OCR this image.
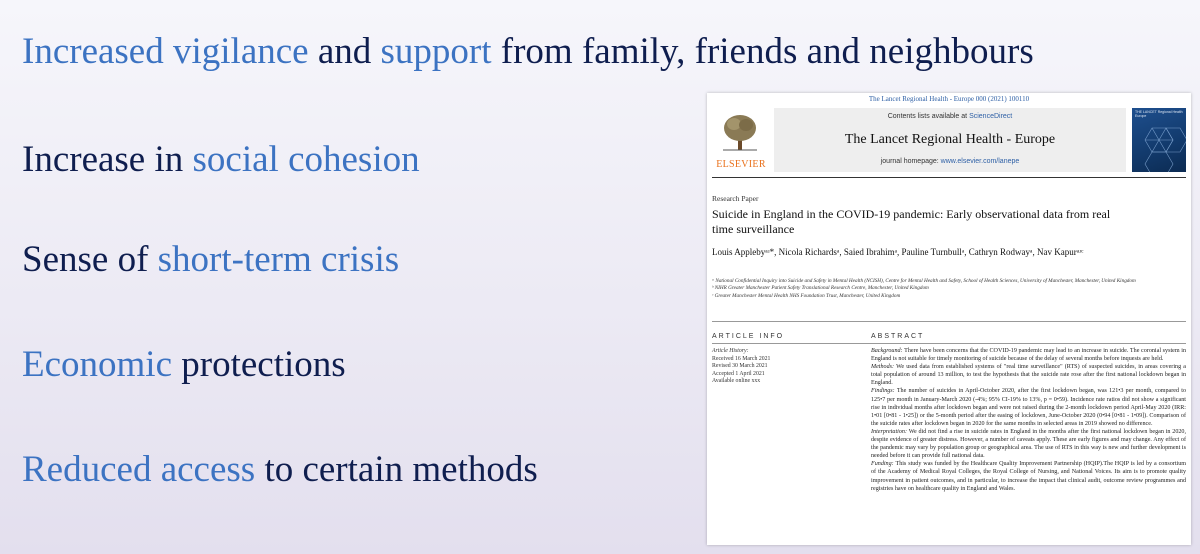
Increased vigilance and support from family, friends and neighbours

Increase in social cohesion

Sense of short-term crisis

Economic protections

Reduced access to certain methods

The Lancet Regional Health - Europe 000 (2021) 100110
ELSEVIER
Contents lists available at ScienceDirect
The Lancet Regional Health - Europe
journal homepage: www.elsevier.com/lanepe
THE LANCET Regional Health Europe
Research Paper
Suicide in England in the COVID-19 pandemic: Early observational data from real time surveillance
Louis Applebyᵃʴ*, Nicola Richardsᵃ, Saied Ibrahimᵃ, Pauline Turnbullᵃ, Cathryn Rodwayᵃ, Nav Kapurᵃʴᶜ

ᵃ National Confidential Inquiry into Suicide and Safety in Mental Health (NCISH), Centre for Mental Health and Safety, School of Health Sciences, University of Manchester, Manchester, United Kingdom

ᵇ NIHR Greater Manchester Patient Safety Translational Research Centre, Manchester, United Kingdom

ᶜ Greater Manchester Mental Health NHS Foundation Trust, Manchester, United Kingdom

ARTICLE INFO	ABSTRACT

Article History:

Received 16 March 2021

Revised 30 March 2021

Accepted 1 April 2021

Available online xxx

Background: There have been concerns that the COVID-19 pandemic may lead to an increase in suicide. The coronial system in England is not suitable for timely monitoring of suicide because of the delay of several months before inquests are held.

Methods: We used data from established systems of "real time surveillance" (RTS) of suspected suicides, in areas covering a total population of around 13 million, to test the hypothesis that the suicide rate rose after the first national lockdown began in England.

Findings: The number of suicides in April-October 2020, after the first lockdown began, was 121•3 per month, compared to 125•7 per month in January-March 2020 (-4%; 95% CI-19% to 13%, p = 0•59). Incidence rate ratios did not show a significant rise in individual months after lockdown began and were not raised during the 2-month lockdown period April-May 2020 (IRR: 1•01 [0•81 - 1•25]) or the 5-month period after the easing of lockdown, June-October 2020 (0•94 [0•81 - 1•09]). Comparison of the suicide rates after lockdown began in 2020 for the same months in selected areas in 2019 showed no difference.

Interpretation: We did not find a rise in suicide rates in England in the months after the first national lockdown began in 2020, despite evidence of greater distress. However, a number of caveats apply. These are early figures and may change. Any effect of the pandemic may vary by population group or geographical area. The use of RTS in this way is new and further development is needed before it can provide full national data.

Funding: This study was funded by the Healthcare Quality Improvement Partnership (HQIP).The HQIP is led by a consortium of the Academy of Medical Royal Colleges, the Royal College of Nursing, and National Voices. Its aim is to promote quality improvement in patient outcomes, and in particular, to increase the impact that clinical audit, outcome review programmes and registries have on healthcare quality in England and Wales.
